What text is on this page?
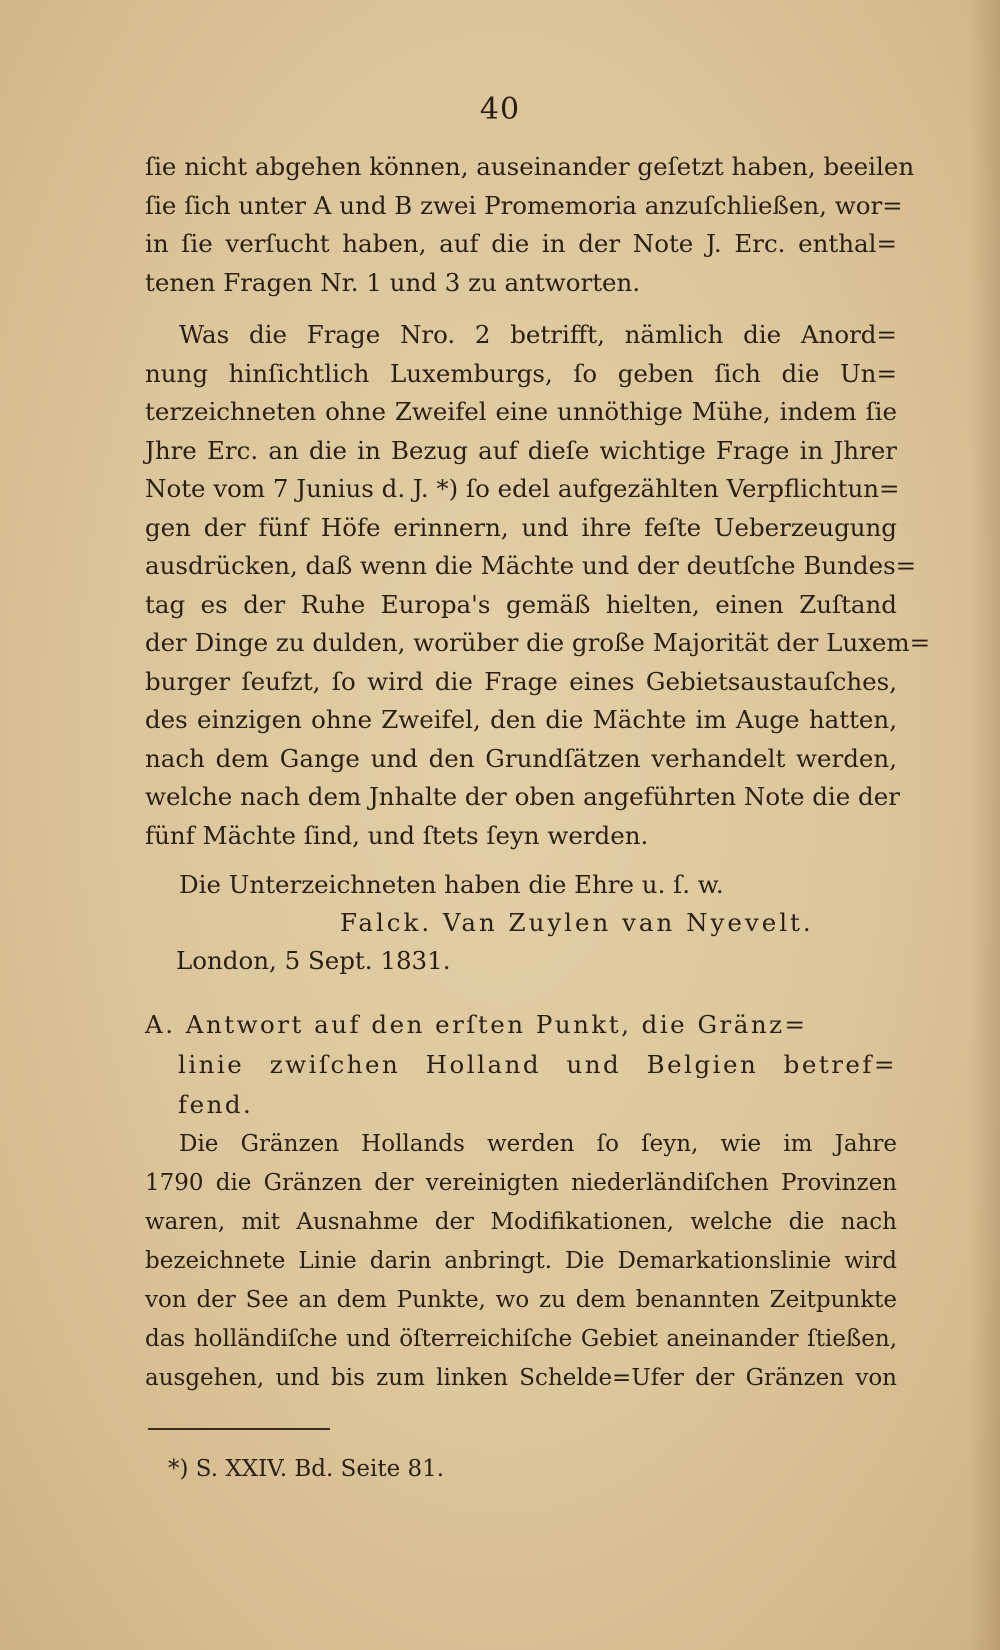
40
ſie nicht abgehen können, auseinander geſetzt haben, beeilen
ſie ſich unter A und B zwei Promemoria anzuſchließen, wor=
in ſie verſucht haben, auf die in der Note J. Erc. enthal=
tenen Fragen Nr. 1 und 3 zu antworten.
Was die Frage Nro. 2 betrifft, nämlich die Anord=
nung hinſichtlich Luxemburgs, ſo geben ſich die Un=
terzeichneten ohne Zweifel eine unnöthige Mühe, indem ſie
Jhre Erc. an die in Bezug auf dieſe wichtige Frage in Jhrer
Note vom 7 Junius d. J. *) ſo edel aufgezählten Verpflichtun=
gen der fünf Höfe erinnern, und ihre feſte Ueberzeugung
ausdrücken, daß wenn die Mächte und der deutſche Bundes=
tag es der Ruhe Europa's gemäß hielten, einen Zuſtand
der Dinge zu dulden, worüber die große Majorität der Luxem=
burger ſeufzt, ſo wird die Frage eines Gebietsaustauſches,
des einzigen ohne Zweifel, den die Mächte im Auge hatten,
nach dem Gange und den Grundſätzen verhandelt werden,
welche nach dem Jnhalte der oben angeführten Note die der
fünf Mächte ſind, und ſtets ſeyn werden.
Die Unterzeichneten haben die Ehre u. ſ. w.
Falck. Van Zuylen van Nyevelt.
London, 5 Sept. 1831.
A. Antwort auf den erſten Punkt, die Gränz=
linie zwiſchen Holland und Belgien betref=
fend.
Die Gränzen Hollands werden ſo ſeyn, wie im Jahre
1790 die Gränzen der vereinigten niederländiſchen Provinzen
waren, mit Ausnahme der Modifikationen, welche die nach
bezeichnete Linie darin anbringt. Die Demarkationslinie wird
von der See an dem Punkte, wo zu dem benannten Zeitpunkte
das holländiſche und öſterreichiſche Gebiet aneinander ſtießen,
ausgehen, und bis zum linken Schelde=Ufer der Gränzen von
*) S. XXIV. Bd. Seite 81.
